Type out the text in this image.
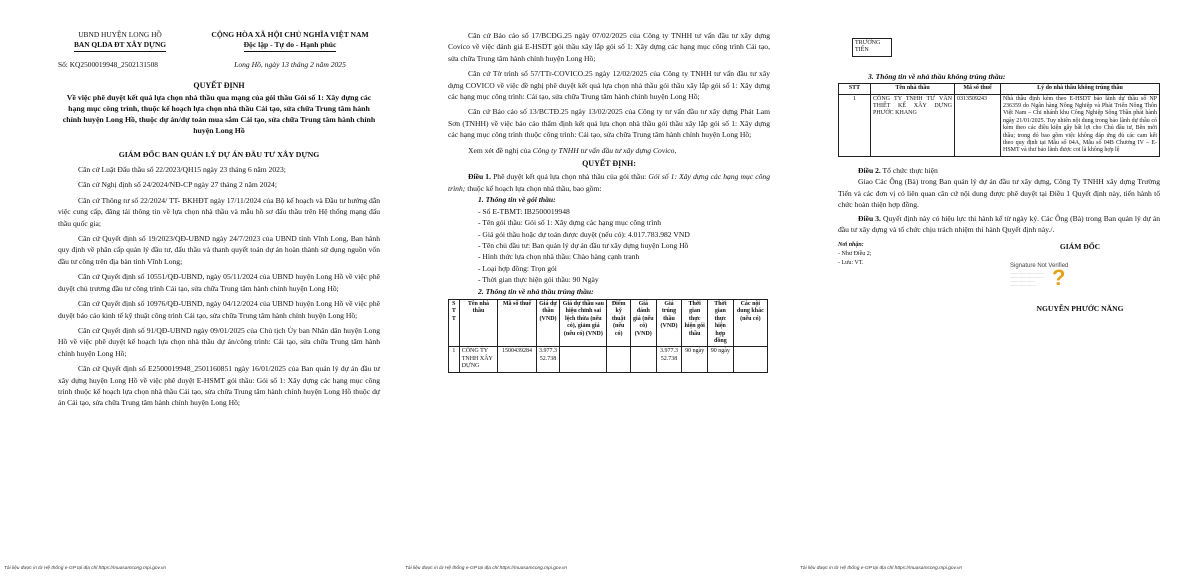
UBND HUYỆN LONG HỒ
BAN QLDA ĐT XÂY DỰNG
CỘNG HÒA XÃ HỘI CHỦ NGHĨA VIỆT NAM
Độc lập - Tự do - Hạnh phúc
Số: KQ2500019948_2502131508	Long Hồ, ngày 13 tháng 2 năm 2025
QUYẾT ĐỊNH
Về việc phê duyệt kết quả lựa chọn nhà thầu qua mạng của gói thầu Gói số 1: Xây dựng các hạng mục công trình, thuộc kế hoạch lựa chọn nhà thầu Cải tạo, sửa chữa Trung tâm hành chính huyện Long Hồ, thuộc dự án/dự toán mua sắm Cải tạo, sửa chữa Trung tâm hành chính huyện Long Hồ
GIÁM ĐỐC BAN QUẢN LÝ DỰ ÁN ĐẦU TƯ XÂY DỰNG

Căn cứ Luật Đấu thầu số 22/2023/QH15 ngày 23 tháng 6 năm 2023;

Căn cứ Nghị định số 24/2024/NĐ-CP ngày 27 tháng 2 năm 2024;

Căn cứ Thông tư số 22/2024/ TT- BKHĐT ngày 17/11/2024 của Bộ kế hoạch và Đầu tư hướng dẫn việc cung cấp, đăng tải thông tin về lựa chọn nhà thầu và mẫu hồ sơ đấu thầu trên Hệ thống mạng đấu thầu quốc gia;

Căn cứ Quyết định số 19/2023/QĐ-UBND ngày 24/7/2023 của UBND tỉnh Vĩnh Long, Ban hành quy định về phân cấp quản lý đầu tư, đấu thầu và thanh quyết toán dự án hoàn thành sử dụng nguồn vốn đầu tư công trên địa bàn tỉnh Vĩnh Long;

Căn cứ Quyết định số 10551/QĐ-UBND, ngày 05/11/2024 của UBND huyện Long Hồ về việc phê duyệt chủ trương đầu tư công trình Cải tạo, sửa chữa Trung tâm hành chính huyện Long Hồ;

Căn cứ Quyết định số 10976/QĐ-UBND, ngày 04/12/2024 của UBND huyện Long Hồ về việc phê duyệt báo cáo kinh tế kỹ thuật công trình Cải tạo, sửa chữa Trung tâm hành chính huyện Long Hồ;

Căn cứ Quyết định số 91/QĐ-UBND ngày 09/01/2025 của Chủ tịch Ủy ban Nhân dân huyện Long Hồ về việc phê duyệt kế hoạch lựa chọn nhà thầu dự án/công trình: Cải tạo, sửa chữa Trung tâm hành chính huyện Long Hồ;

Căn cứ Quyết định số E2500019948_2501160851 ngày 16/01/2025 của Ban quản lý dự án đầu tư xây dựng huyện Long Hồ về việc phê duyệt E-HSMT gói thầu: Gói số 1: Xây dựng các hạng mục công trình thuộc kế hoạch lựa chọn nhà thầu Cải tạo, sửa chữa Trung tâm hành chính huyện Long Hồ thuộc dự án Cải tạo, sửa chữa Trung tâm hành chính huyện Long Hồ;

Tài liệu được in từ Hệ thống e-GP tại địa chỉ https://muasamcong.mpi.gov.vn

Căn cứ Báo cáo số 17/BCĐG.25 ngày 07/02/2025 của Công ty TNHH tư vấn đầu tư xây dựng Covico về việc đánh giá E-HSDT gói thầu xây lắp gói số 1: Xây dựng các hạng mục công trình Cải tạo, sửa chữa Trung tâm hành chính huyện Long Hồ;

Căn cứ Tờ trình số 57/TTr-COVICO.25 ngày 12/02/2025 của Công ty TNHH tư vấn đầu tư xây dựng COVICO về việc đề nghị phê duyệt kết quả lựa chọn nhà thầu gói thầu xây lắp gói số 1: Xây dựng các hạng mục công trình: Cải tạo, sửa chữa Trung tâm hành chính huyện Long Hồ;

Căn cứ Báo cáo số 13/BCTĐ.25 ngày 13/02/2025 của Công ty tư vấn đầu tư xây dựng Phát Lam Sơn (TNHH) về việc báo cáo thẩm định kết quả lựa chọn nhà thầu gói thầu xây lắp gói số 1: Xây dựng các hạng mục công trình thuộc công trình: Cải tạo, sửa chữa Trung tâm hành chính huyện Long Hồ;

Xem xét đề nghị của Công ty TNHH tư vấn đầu tư xây dựng Covico,

QUYẾT ĐỊNH:

Điều 1. Phê duyệt kết quả lựa chọn nhà thầu của gói thầu: Gói số 1: Xây dựng các hạng mục công trình; thuộc kế hoạch lựa chọn nhà thầu, bao gồm:

1. Thông tin về gói thầu:
- Số E-TBMT: IB2500019948
- Tên gói thầu: Gói số 1: Xây dựng các hạng mục công trình
- Giá gói thầu hoặc dự toán được duyệt (nếu có): 4.017.783.982 VND
- Tên chủ đầu tư: Ban quản lý dự án đầu tư xây dựng huyện Long Hồ
- Hình thức lựa chọn nhà thầu: Chào hàng cạnh tranh
- Loại hợp đồng: Trọn gói
- Thời gian thực hiện gói thầu: 90 Ngày
2. Thông tin về nhà thầu trúng thầu:
S T T	Tên nhà thầu	Mã số thuế	Giá dự thầu (VND)	Giá dự thầu sau hiệu chỉnh sai lệch thừa (nếu có), giảm giá (nếu có) (VND)	Điểm kỹ thuật (nếu có)	Giá đánh giá (nếu có) (VND)	Giá trúng thầu (VND)	Thời gian thực hiện gói thầu	Thời gian thực hiện hợp đồng	Các nội dung khác (nếu có)
1	CÔNG TY TNHH XÂY DỰNG	1500439284	3.977.352.738				3.977.352.738	90 ngày	90 ngày	
Tài liệu được in từ Hệ thống e-GP tại địa chỉ https://muasamcong.mpi.gov.vn
TRƯỜNG TIẾN
3. Thông tin về nhà thầu không trúng thầu:
STT	Tên nhà thầu	Mã số thuế	Lý do nhà thầu không trúng thầu
1	CÔNG TY TNHH TƯ VẤN THIẾT KẾ XÂY DỰNG PHƯỚC KHANG	0313509243	Nhà thầu định kèm theo E-HSDT bảo lãnh dự thầu số NP 236359 do Ngân hàng Nông Nghiệp và Phát Triển Nông Thôn Việt Nam – Chi nhánh khu Công Nghiệp Sông Thần phát hành ngày 21/01/2025. Tuy nhiên nội dung trong bảo lãnh dự thầu có kèm theo các điều kiện gây bất lợi cho Chủ đầu tư, Bên mời thầu; trong đó bao gồm việc không đáp ứng đủ các cam kết theo quy định tại Mẫu số 04A, Mẫu số 04B Chương IV – E-HSMT và thư bảo lãnh được coi là không hợp lệ

Điều 2. Tổ chức thực hiện

Giao Các Ông (Bà) trong Ban quản lý dự án đầu tư xây dựng, Công Ty TNHH xây dựng Trường Tiến và các đơn vị có liên quan căn cứ nội dung được phê duyệt tại Điều 1 Quyết định này, tiến hành tổ chức hoàn thiện hợp đồng.

Điều 3. Quyết định này có hiệu lực thi hành kể từ ngày ký. Các Ông (Bà) trong Ban quản lý dự án đầu tư xây dựng và tổ chức chịu trách nhiệm thi hành Quyết định này./.

Nơi nhận:
- Như Điều 2;
- Lưu: VT.
GIÁM ĐỐC
Signature Not Verified
......................................
......................................
............................
............................. ?
NGUYỄN PHƯỚC NĂNG
Tài liệu được in từ Hệ thống e-GP tại địa chỉ https://muasamcong.mpi.gov.vn
